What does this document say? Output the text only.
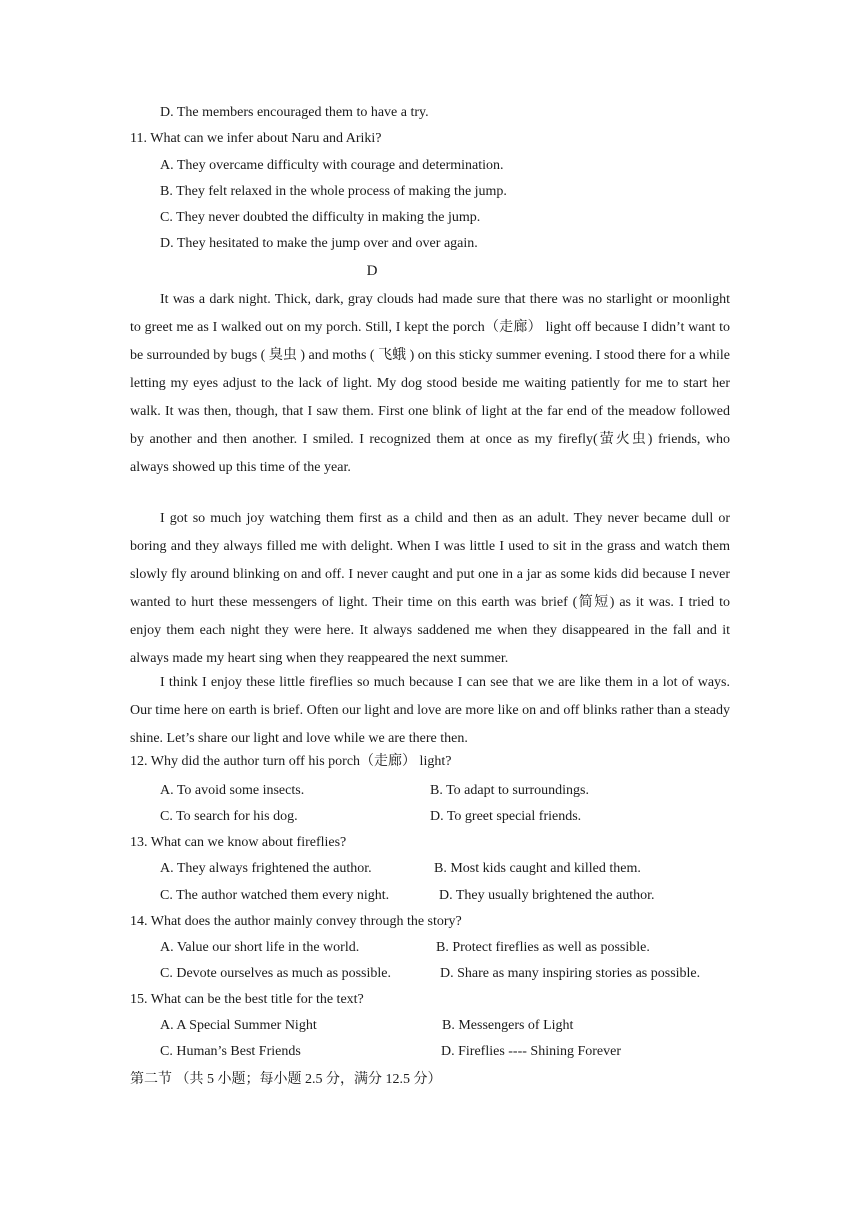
D. The members encouraged them to have a try.
11. What can we infer about Naru and Ariki?
A. They overcame difficulty with courage and determination.
B. They felt relaxed in the whole process of making the jump.
C. They never doubted the difficulty in making the jump.
D. They hesitated to make the jump over and over again.
D
It was a dark night. Thick, dark, gray clouds had made sure that there was no starlight or moonlight to greet me as I walked out on my porch. Still, I kept the porch（走廊） light off because I didn’t want to be surrounded by bugs ( 臭虫 ) and moths ( 飞蛾 ) on this sticky summer evening. I stood there for a while letting my eyes adjust to the lack of light. My dog stood beside me waiting patiently for me to start her walk. It was then, though, that I saw them. First one blink of light at the far end of the meadow followed by another and then another. I smiled. I recognized them at once as my firefly(萤火虫) friends, who always showed up this time of the year.
I got so much joy watching them first as a child and then as an adult. They never became dull or boring and they always filled me with delight. When I was little I used to sit in the grass and watch them slowly fly around blinking on and off. I never caught and put one in a jar as some kids did because I never wanted to hurt these messengers of light. Their time on this earth was brief (简短) as it was. I tried to enjoy them each night they were here. It always saddened me when they disappeared in the fall and it always made my heart sing when they reappeared the next summer.
I think I enjoy these little fireflies so much because I can see that we are like them in a lot of ways. Our time here on earth is brief. Often our light and love are more like on and off blinks rather than a steady shine. Let’s share our light and love while we are there then.
12. Why did the author turn off his porch（走廊） light?
A. To avoid some insects.	B. To adapt to surroundings.
C. To search for his dog.	D. To greet special friends.
13. What can we know about fireflies?
A. They always frightened the author.	B. Most kids caught and killed them.
C. The author watched them every night.	D. They usually brightened the author.
14. What does the author mainly convey through the story?
A. Value our short life in the world.	B. Protect fireflies as well as possible.
C. Devote ourselves as much as possible.	D. Share as many inspiring stories as possible.
15. What can be the best title for the text?
A. A Special Summer Night	B. Messengers of Light
C. Human’s Best Friends	D. Fireflies ---- Shining Forever
第二节 （共 5 小题；每小题 2.5 分，满分 12.5 分）
